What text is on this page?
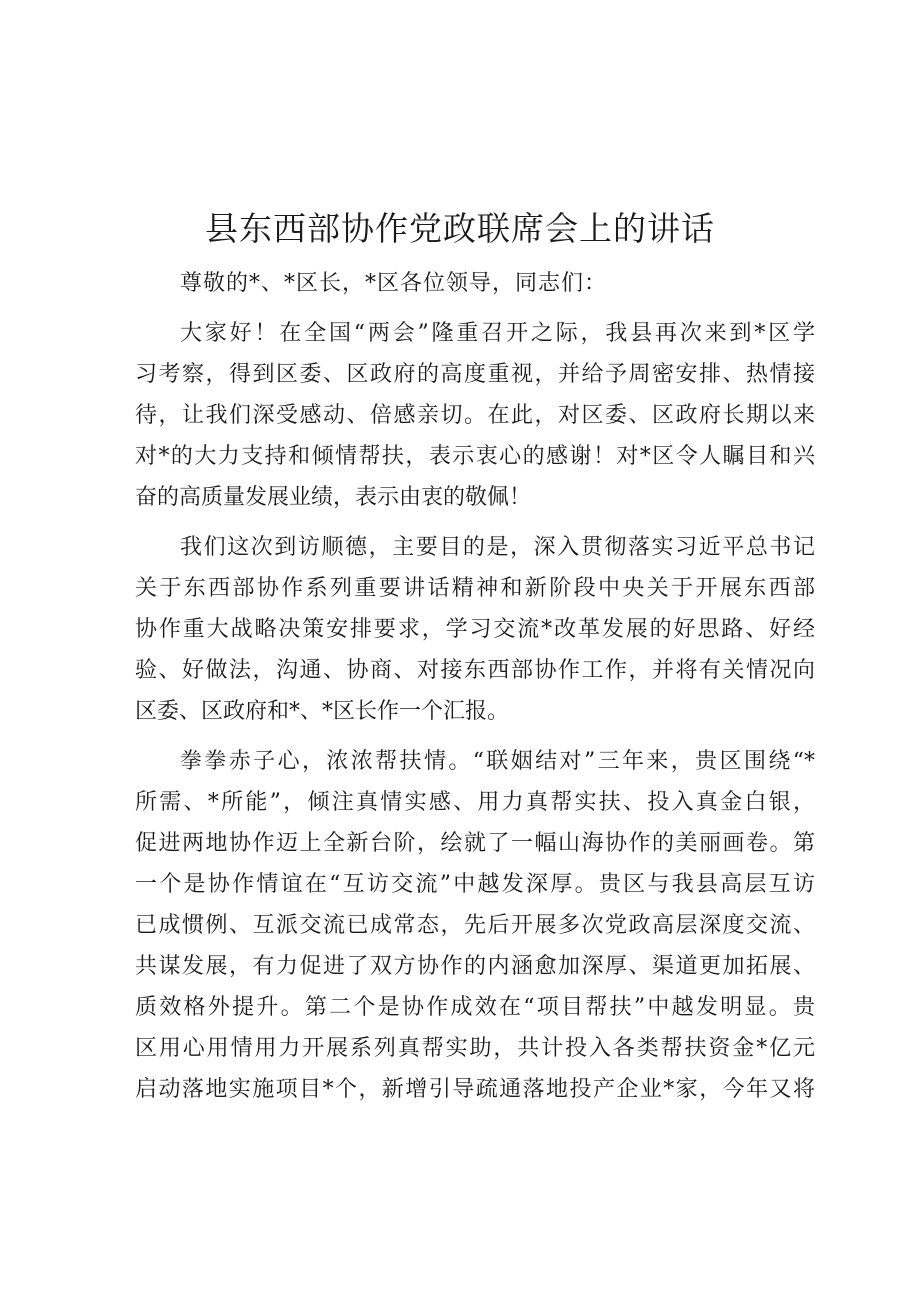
县东西部协作党政联席会上的讲话
尊敬的*、*区长，*区各位领导，同志们：
大家好！在全国“两会”隆重召开之际，我县再次来到*区学
习考察，得到区委、区政府的高度重视，并给予周密安排、热情接
待，让我们深受感动、倍感亲切。在此，对区委、区政府长期以来
对*的大力支持和倾情帮扶，表示衷心的感谢！对*区令人瞩目和兴
奋的高质量发展业绩，表示由衷的敬佩！
我们这次到访顺德，主要目的是，深入贯彻落实习近平总书记
关于东西部协作系列重要讲话精神和新阶段中央关于开展东西部
协作重大战略决策安排要求，学习交流*改革发展的好思路、好经
验、好做法，沟通、协商、对接东西部协作工作，并将有关情况向
区委、区政府和*、*区长作一个汇报。
拳拳赤子心，浓浓帮扶情。“联姻结对”三年来，贵区围绕“*
所需、*所能”，倾注真情实感、用力真帮实扶、投入真金白银，
促进两地协作迈上全新台阶，绘就了一幅山海协作的美丽画卷。第
一个是协作情谊在“互访交流”中越发深厚。贵区与我县高层互访
已成惯例、互派交流已成常态，先后开展多次党政高层深度交流、
共谋发展，有力促进了双方协作的内涵愈加深厚、渠道更加拓展、
质效格外提升。第二个是协作成效在“项目帮扶”中越发明显。贵
区用心用情用力开展系列真帮实助，共计投入各类帮扶资金*亿元
启动落地实施项目*个，新增引导疏通落地投产企业*家，今年又将
